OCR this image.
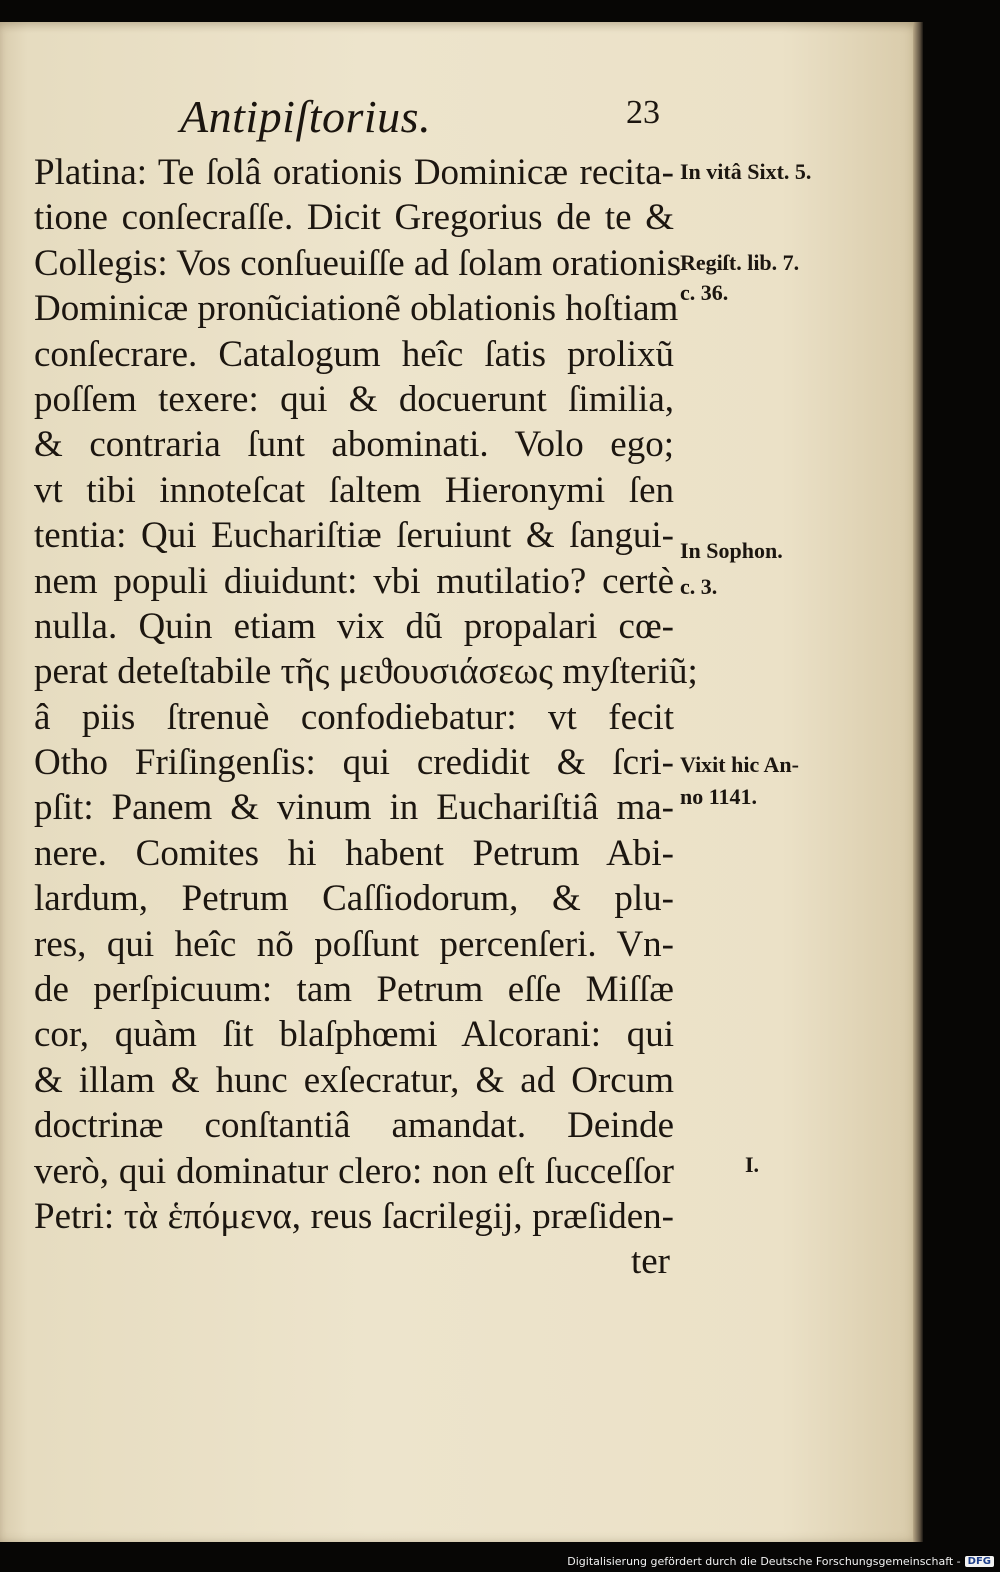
Antipiſtorius.	23
Platina: Te ſolâ orationis Dominicæ recita-
tione conſecraſſe. Dicit Gregorius de te &
Collegis: Vos conſueuiſſe ad ſolam orationis
Dominicæ pronũciationẽ oblationis hoſtiam
conſecrare. Catalogum heîc ſatis prolixũ
poſſem texere: qui & docuerunt ſimilia,
& contraria ſunt abominati. Volo ego;
vt tibi innoteſcat ſaltem Hieronymi ſen
tentia: Qui Euchariſtiæ ſeruiunt & ſangui-
nem populi diuidunt: vbi mutilatio? certè
nulla. Quin etiam vix dũ propalari cœ-
perat deteſtabile τῆς μεϑουσιάσεως myſteriũ;
â piis ſtrenuè confodiebatur: vt fecit
Otho Friſingenſis: qui credidit & ſcri-
pſit: Panem & vinum in Euchariſtiâ ma-
nere. Comites hi habent Petrum Abi-
lardum, Petrum Caſſiodorum, & plu-
res, qui heîc nõ poſſunt percenſeri. Vn-
de perſpicuum: tam Petrum eſſe Miſſæ
cor, quàm ſit blaſphœmi Alcorani: qui
& illam & hunc exſecratur, & ad Orcum
doctrinæ conſtantiâ amandat. Deinde
verò, qui dominatur clero: non eſt ſucceſſor
Petri: τὰ ἑπόμενα, reus ſacrilegij, præſiden-
ter
In vitâ Sixt. 5.
Regiſt. lib. 7.
c. 36.
In Sophon.
c. 3.
Vixit hic An-
no 1141.
I.
Digitalisierung gefördert durch die Deutsche Forschungsgemeinschaft - DFG
